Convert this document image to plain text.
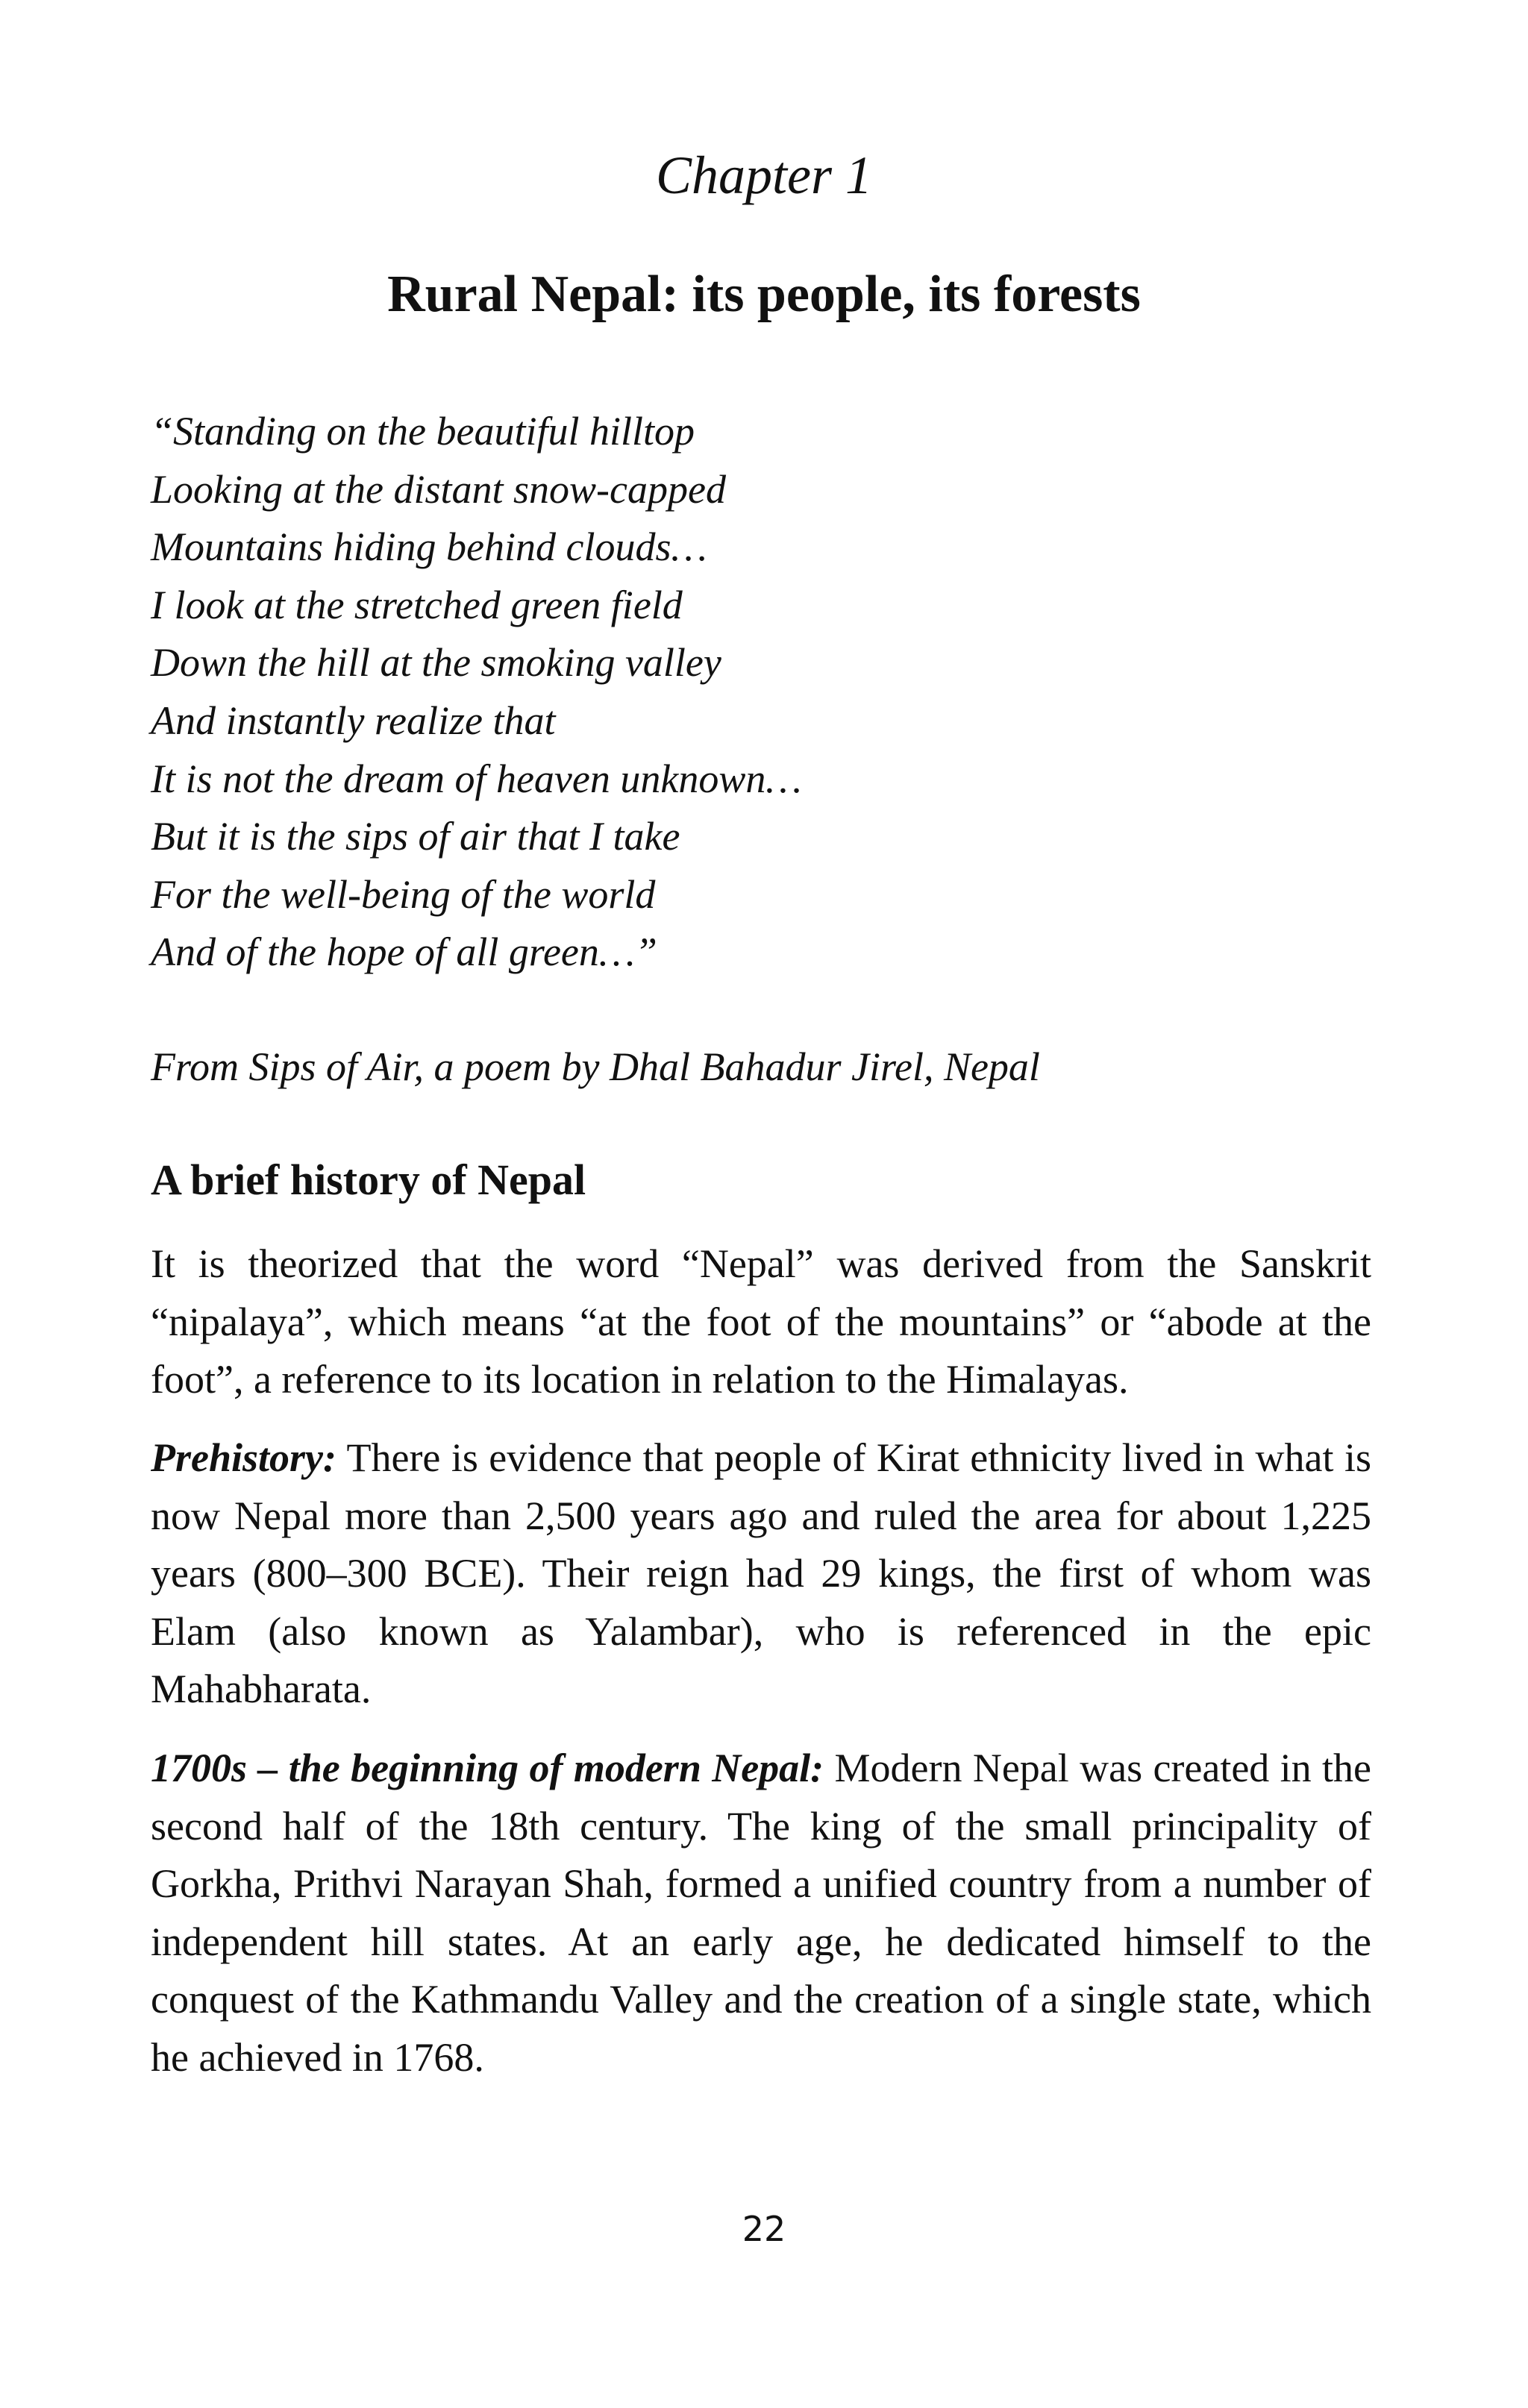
Chapter 1
Rural Nepal: its people, its forests
“Standing on the beautiful hilltop
Looking at the distant snow-capped
Mountains hiding behind clouds…
I look at the stretched green field
Down the hill at the smoking valley
And instantly realize that
It is not the dream of heaven unknown…
But it is the sips of air that I take
For the well-being of the world
And of the hope of all green…”
From Sips of Air, a poem by Dhal Bahadur Jirel, Nepal
A brief history of Nepal
It is theorized that the word “Nepal” was derived from the Sanskrit “nipalaya”, which means “at the foot of the mountains” or “abode at the foot”, a reference to its location in relation to the Himalayas.
Prehistory: There is evidence that people of Kirat ethnicity lived in what is now Nepal more than 2,500 years ago and ruled the area for about 1,225 years (800–300 BCE). Their reign had 29 kings, the first of whom was Elam (also known as Yalambar), who is referenced in the epic Mahabharata.
1700s – the beginning of modern Nepal: Modern Nepal was created in the second half of the 18th century. The king of the small principality of Gorkha, Prithvi Narayan Shah, formed a unified country from a number of independent hill states. At an early age, he dedicated himself to the conquest of the Kathmandu Valley and the creation of a single state, which he achieved in 1768.
22
